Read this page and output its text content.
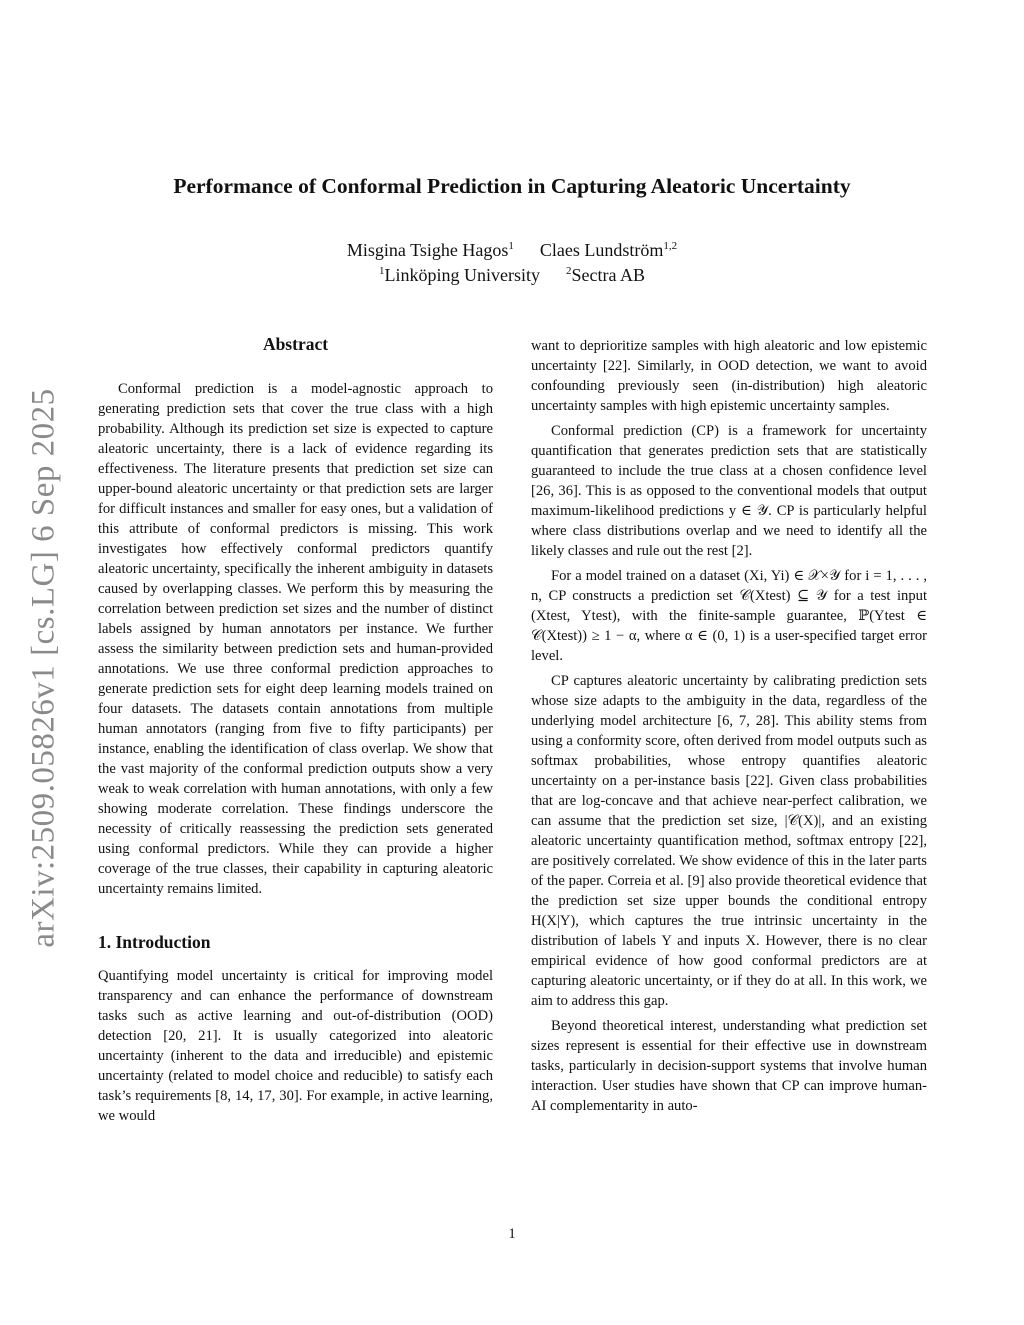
arXiv:2509.05826v1 [cs.LG] 6 Sep 2025
Performance of Conformal Prediction in Capturing Aleatoric Uncertainty
Misgina Tsighe Hagos$^1$ Claes Lundström$^{1,2}$
$^1$Linköping University $^2$Sectra AB
Abstract

Conformal prediction is a model-agnostic approach to generating prediction sets that cover the true class with a high probability. Although its prediction set size is expected to capture aleatoric uncertainty, there is a lack of evidence regarding its effectiveness. The literature presents that prediction set size can upper-bound aleatoric uncertainty or that prediction sets are larger for difficult instances and smaller for easy ones, but a validation of this attribute of conformal predictors is missing. This work investigates how effectively conformal predictors quantify aleatoric uncertainty, specifically the inherent ambiguity in datasets caused by overlapping classes. We perform this by measuring the correlation between prediction set sizes and the number of distinct labels assigned by human annotators per instance. We further assess the similarity between prediction sets and human-provided annotations. We use three conformal prediction approaches to generate prediction sets for eight deep learning models trained on four datasets. The datasets contain annotations from multiple human annotators (ranging from five to fifty participants) per instance, enabling the identification of class overlap. We show that the vast majority of the conformal prediction outputs show a very weak to weak correlation with human annotations, with only a few showing moderate correlation. These findings underscore the necessity of critically reassessing the prediction sets generated using conformal predictors. While they can provide a higher coverage of the true classes, their capability in capturing aleatoric uncertainty remains limited.

1. Introduction

Quantifying model uncertainty is critical for improving model transparency and can enhance the performance of downstream tasks such as active learning and out-of-distribution (OOD) detection [20, 21]. It is usually categorized into aleatoric uncertainty (inherent to the data and irreducible) and epistemic uncertainty (related to model choice and reducible) to satisfy each task’s requirements [8, 14, 17, 30]. For example, in active learning, we would

want to deprioritize samples with high aleatoric and low epistemic uncertainty [22]. Similarly, in OOD detection, we want to avoid confounding previously seen (in-distribution) high aleatoric uncertainty samples with high epistemic uncertainty samples.

Conformal prediction (CP) is a framework for uncertainty quantification that generates prediction sets that are statistically guaranteed to include the true class at a chosen confidence level [26, 36]. This is as opposed to the conventional models that output maximum-likelihood predictions y ∈ 𝒴. CP is particularly helpful where class distributions overlap and we need to identify all the likely classes and rule out the rest [2].

For a model trained on a dataset (Xi, Yi) ∈ 𝒳×𝒴 for i = 1, . . . , n, CP constructs a prediction set 𝒞(Xtest) ⊆ 𝒴 for a test input (Xtest, Ytest), with the finite-sample guarantee, ℙ(Ytest ∈ 𝒞(Xtest)) ≥ 1 − α, where α ∈ (0, 1) is a user-specified target error level.

CP captures aleatoric uncertainty by calibrating prediction sets whose size adapts to the ambiguity in the data, regardless of the underlying model architecture [6, 7, 28]. This ability stems from using a conformity score, often derived from model outputs such as softmax probabilities, whose entropy quantifies aleatoric uncertainty on a per-instance basis [22]. Given class probabilities that are log-concave and that achieve near-perfect calibration, we can assume that the prediction set size, |𝒞(X)|, and an existing aleatoric uncertainty quantification method, softmax entropy [22], are positively correlated. We show evidence of this in the later parts of the paper. Correia et al. [9] also provide theoretical evidence that the prediction set size upper bounds the conditional entropy H(X|Y), which captures the true intrinsic uncertainty in the distribution of labels Y and inputs X. However, there is no clear empirical evidence of how good conformal predictors are at capturing aleatoric uncertainty, or if they do at all. In this work, we aim to address this gap.

Beyond theoretical interest, understanding what prediction set sizes represent is essential for their effective use in downstream tasks, particularly in decision-support systems that involve human interaction. User studies have shown that CP can improve human-AI complementarity in auto-

1
